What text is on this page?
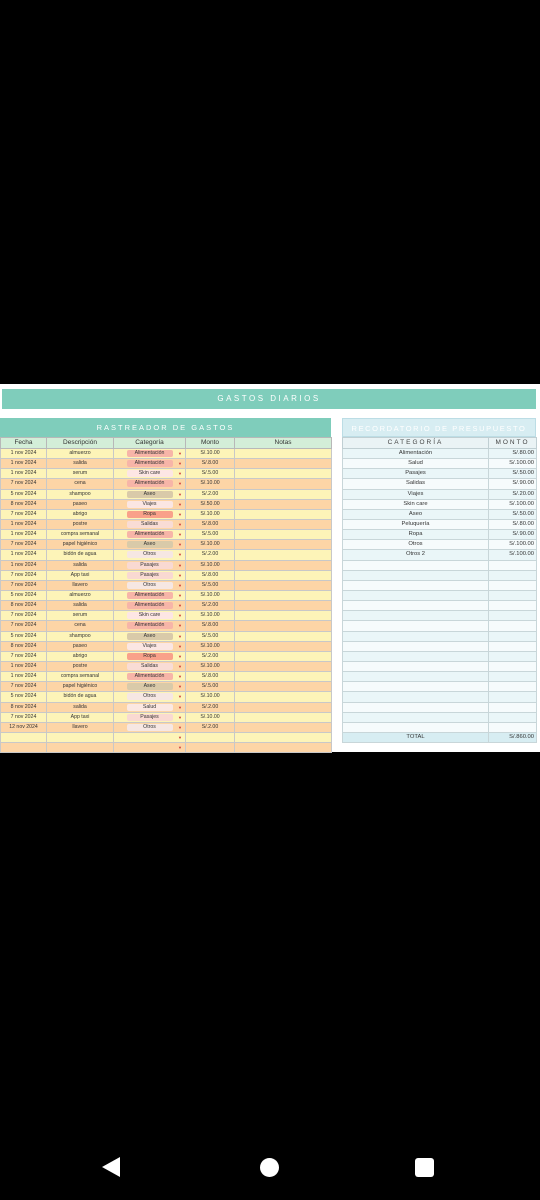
GASTOS DIARIOS
RASTREADOR DE GASTOS
Fecha	Descripción	Categoría	Monto	Notas
1 nov 2024	almuerzo	Alimentación ▼	S/.10.00	
1 nov 2024	salida	Alimentación ▼	S/.8.00	
1 nov 2024	serum	Skin care ▼	S/.5.00	
7 nov 2024	cena	Alimentación ▼	S/.10.00	
5 nov 2024	shampoo	Aseo ▼	S/.2.00	
8 nov 2024	paseo	Viajes ▼	S/.50.00	
7 nov 2024	abrigo	Ropa ▼	S/.10.00	
1 nov 2024	postre	Salidas ▼	S/.8.00	
1 nov 2024	compra semanal	Alimentación ▼	S/.5.00	
7 nov 2024	papel higiénico	Aseo ▼	S/.10.00	
1 nov 2024	bidón de agua	Otros ▼	S/.2.00	
1 nov 2024	salida	Pasajes ▼	S/.10.00	
7 nov 2024	App taxi	Pasajes ▼	S/.8.00	
7 nov 2024	llavero	Otros ▼	S/.5.00	
5 nov 2024	almuerzo	Alimentación ▼	S/.10.00	
8 nov 2024	salida	Alimentación ▼	S/.2.00	
7 nov 2024	serum	Skin care ▼	S/.10.00	
7 nov 2024	cena	Alimentación ▼	S/.8.00	
5 nov 2024	shampoo	Aseo ▼	S/.5.00	
8 nov 2024	paseo	Viajes ▼	S/.10.00	
7 nov 2024	abrigo	Ropa ▼	S/.2.00	
1 nov 2024	postre	Salidas ▼	S/.10.00	
1 nov 2024	compra semanal	Alimentación ▼	S/.8.00	
7 nov 2024	papel higiénico	Aseo ▼	S/.5.00	
5 nov 2024	bidón de agua	Otros ▼	S/.10.00	
8 nov 2024	salida	Salud ▼	S/.2.00	
7 nov 2024	App taxi	Pasajes ▼	S/.10.00	
12 nov 2024	llavero	Otros ▼	S/.2.00	

		▼		

		▼		

RECORDATORIO DE PRESUPUESTO
CATEGORÍA	MONTO
Alimentación	S/.80.00
Salud	S/.100.00
Pasajes	S/.50.00
Salidas	S/.90.00
Viajes	S/.20.00
Skin care	S/.100.00
Aseo	S/.50.00
Peluquería	S/.80.00
Ropa	S/.90.00
Otros	S/.100.00
Otros 2	S/.100.00

TOTAL	S/.860.00
